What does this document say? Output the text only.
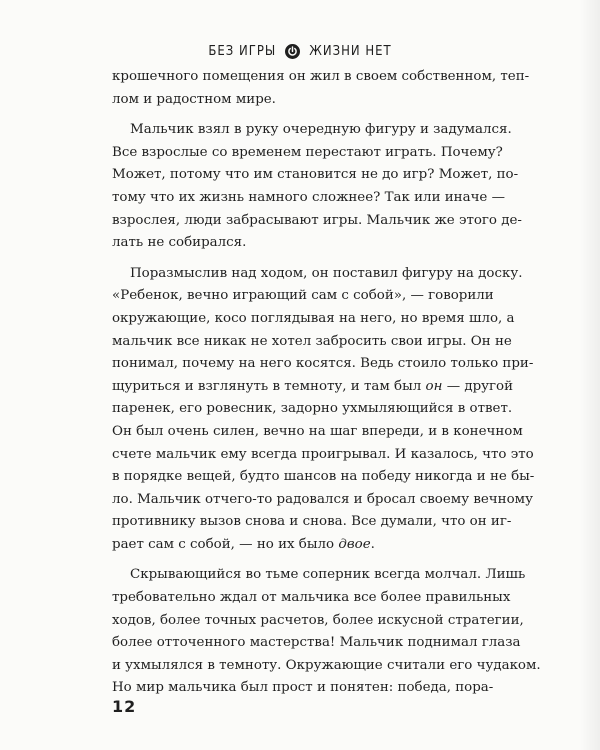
БЕЗ ИГРЫ	ЖИЗНИ НЕТ
крошечного помещения он жил в своем собственном, теп-
лом и радостном мире.
Мальчик взял в руку очередную фигуру и задумался.
Все взрослые со временем перестают играть. Почему?
Может, потому что им становится не до игр? Может, по-
тому что их жизнь намного сложнее? Так или иначе —
взрослея, люди забрасывают игры. Мальчик же этого де-
лать не собирался.
Поразмыслив над ходом, он поставил фигуру на доску.
«Ребенок, вечно играющий сам с собой», — говорили
окружающие, косо поглядывая на него, но время шло, а
мальчик все никак не хотел забросить свои игры. Он не
понимал, почему на него косятся. Ведь стоило только при-
щуриться и взглянуть в темноту, и там был он — другой
паренек, его ровесник, задорно ухмыляющийся в ответ.
Он был очень силен, вечно на шаг впереди, и в конечном
счете мальчик ему всегда проигрывал. И казалось, что это
в порядке вещей, будто шансов на победу никогда и не бы-
ло. Мальчик отчего-то радовался и бросал своему вечному
противнику вызов снова и снова. Все думали, что он иг-
рает сам с собой, — но их было двое.
Скрывающийся во тьме соперник всегда молчал. Лишь
требовательно ждал от мальчика все более правильных
ходов, более точных расчетов, более искусной стратегии,
более отточенного мастерства! Мальчик поднимал глаза
и ухмылялся в темноту. Окружающие считали его чудаком.
Но мир мальчика был прост и понятен: победа, пора-
12
